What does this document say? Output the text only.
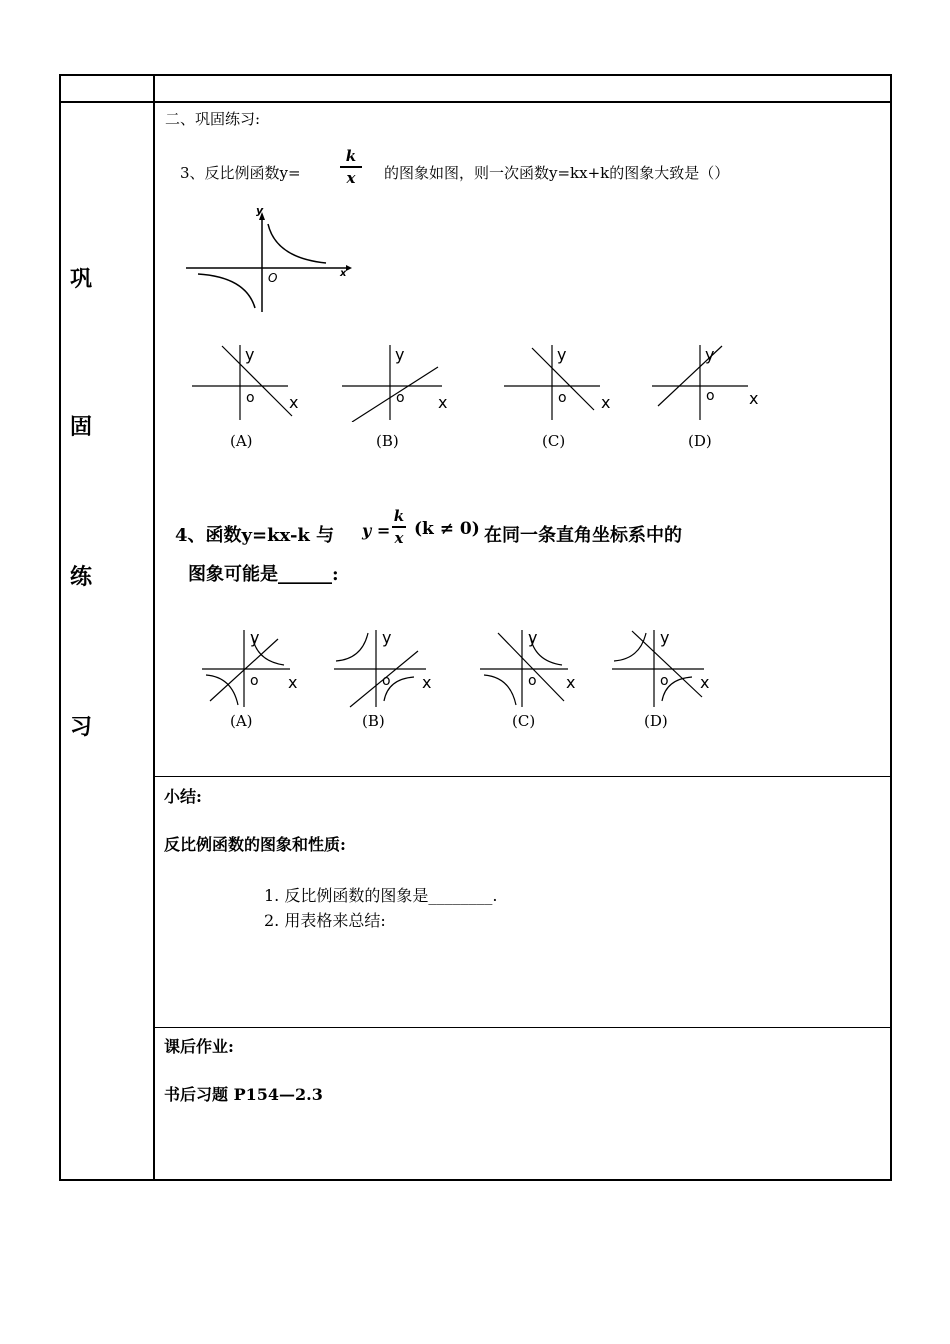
巩
固
练
习
二、巩固练习:
3、反比例函数y=
k
x 的图象如图，则一次函数y=kx+k的图象大致是（）
y
x
O
y
x
o
(A)
y
x
o
(B)
y
x
o
(C)
y
x
o
(D)
4、函数y=kx-k 与 y =
k
x (k ≠ 0) 在同一条直角坐标系中的
图象可能是______:
y
x
o
(A)
y
x
o
(B)
y
x
o
(C)
y
x
o
(D)
小结:
反比例函数的图象和性质:
1. 反比例函数的图象是________.
2. 用表格来总结:
课后作业:
书后习题 P154—2.3
